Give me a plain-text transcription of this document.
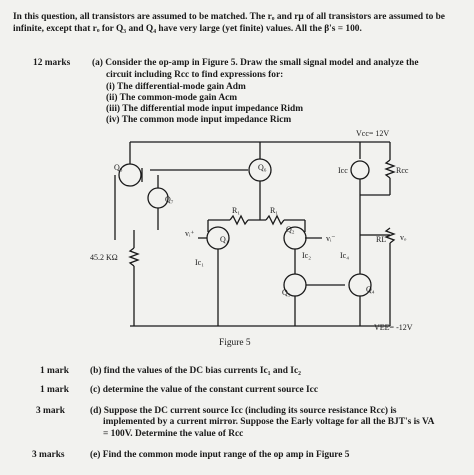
In this question, all transistors are assumed to be matched. The rₒ and rμ of all transistors are assumed to be infinite, except that rₒ for Q₃ and Q₄ have very large (yet finite) values. All the β's = 100.
12 marks (a) Consider the op-amp in Figure 5. Draw the small signal model and analyze the
circuit including Rcc to find expressions for:
(i) The differential-mode gain Adm
(ii) The common-mode gain Acm
(iii) The differential mode input impedance Ridm
(iv) The common mode input impedance Ricm
Q₃	Q₆
Q₇
R₁	R₁
Q₁
Q₂
Q₅	Q₄
vᵢ⁺
vᵢ⁻
Icc	Rcc
RL vₒ
Ic₁
Ic₂	Ic₄
45.2 KΩ
Vcc= 12V
VEE= -12V
Figure 5
1 mark (b) find the values of the DC bias currents Ic₁ and Ic₂
1 mark (c) determine the value of the constant current source Icc
3 mark	(d) Suppose the DC current source Icc (including its source resistance Rcc) is
implemented by a current mirror. Suppose the Early voltage for all the BJT's is VA
= 100V. Determine the value of Rcc
3 marks	(e) Find the common mode input range of the op amp in Figure 5
